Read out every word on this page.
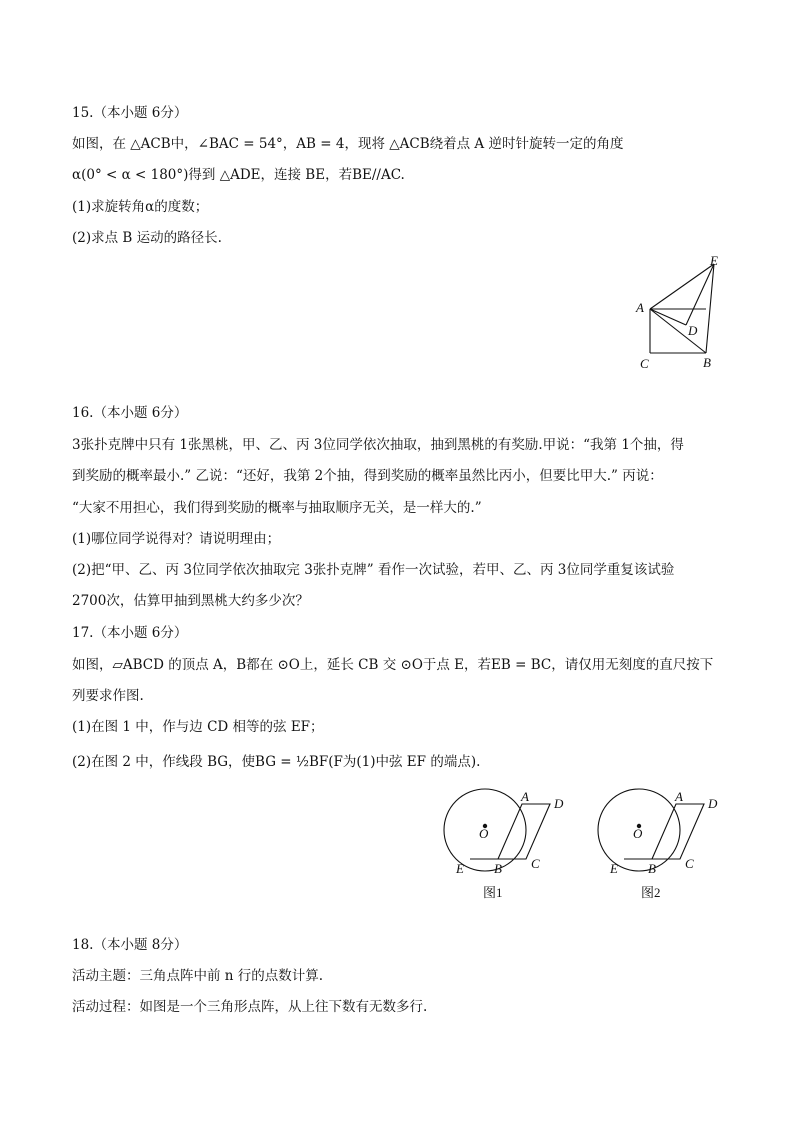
15.（本小题 6分）
如图，在 △ACB中，∠BAC = 54°，AB = 4，现将 △ACB绕着点 A 逆时针旋转一定的角度
α(0° < α < 180°)得到 △ADE，连接 BE，若BE//AC.
(1)求旋转角α的度数；
(2)求点 B 运动的路径长.
A
C	B
D
E
16.（本小题 6分）
3张扑克牌中只有 1张黑桃，甲、乙、丙 3位同学依次抽取，抽到黑桃的有奖励.甲说：“我第 1个抽，得
到奖励的概率最小.” 乙说：“还好，我第 2个抽，得到奖励的概率虽然比丙小，但要比甲大.” 丙说：
“大家不用担心，我们得到奖励的概率与抽取顺序无关，是一样大的.”
(1)哪位同学说得对？请说明理由；
(2)把“甲、乙、丙 3位同学依次抽取完 3张扑克牌” 看作一次试验，若甲、乙、丙 3位同学重复该试验
2700次，估算甲抽到黑桃大约多少次？
17.（本小题 6分）
如图，▱ABCD 的顶点 A，B都在 ⊙O上，延长 CB 交 ⊙O于点 E，若EB = BC，请仅用无刻度的直尺按下
列要求作图.
(1)在图 1 中，作与边 CD 相等的弦 EF；
(2)在图 2 中，作线段 BG，使BG = ½BF(F为(1)中弦 EF 的端点).
O
A D
C
B
E
图1
O
A D
C
B
E
图2
18.（本小题 8分）
活动主题：三角点阵中前 n 行的点数计算.
活动过程：如图是一个三角形点阵，从上往下数有无数多行.
